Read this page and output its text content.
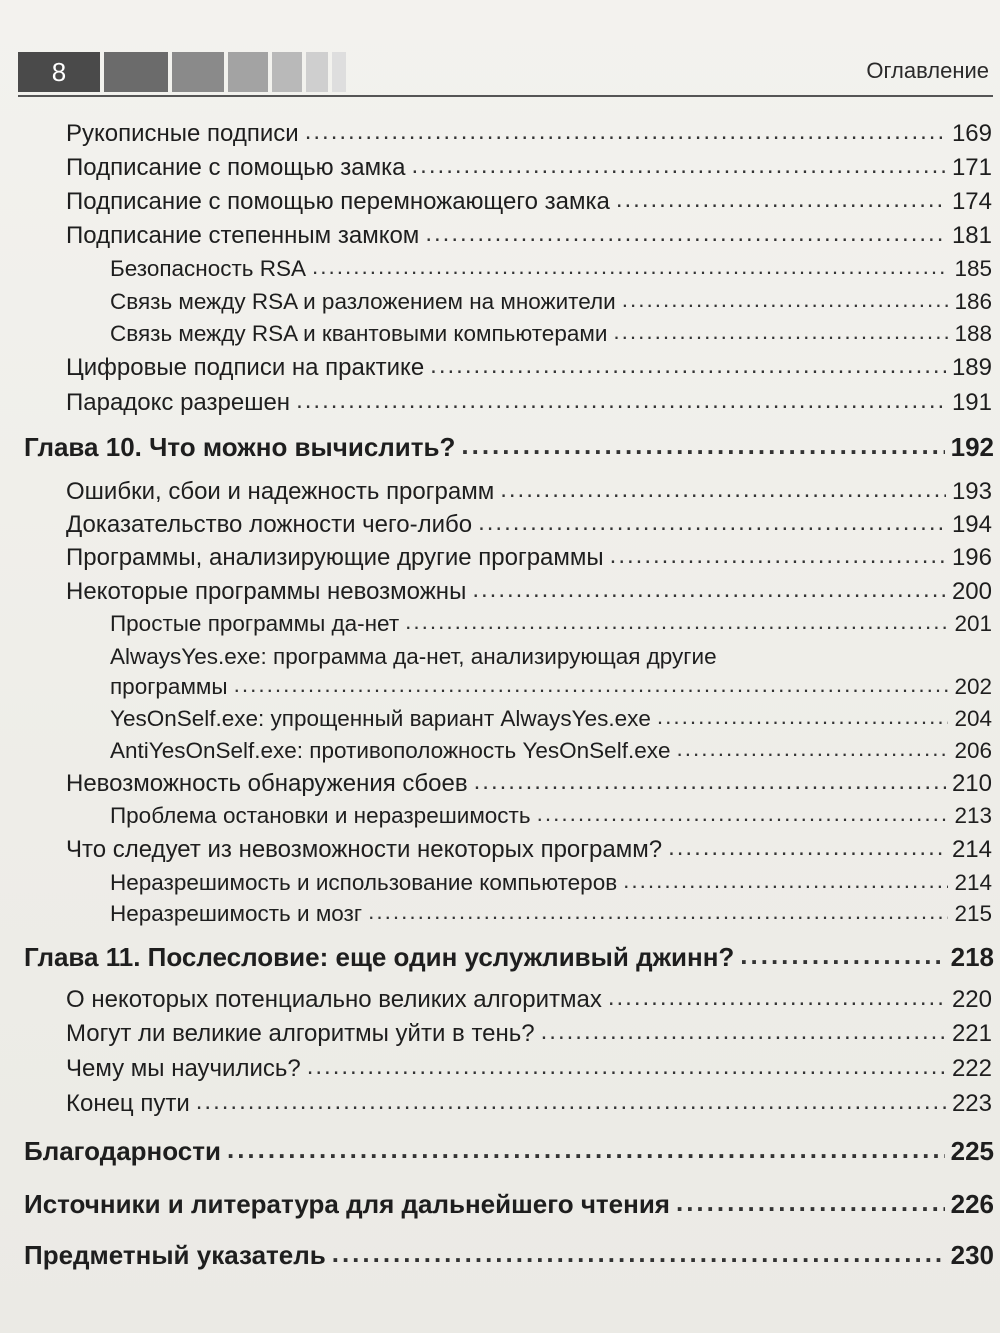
8	Оглавление
Рукописные подписи .....	169
Подписание с помощью замка .....	171
Подписание с помощью перемножающего замка .....	174
Подписание степенным замком .....	181
Безопасность RSA .....	185
Связь между RSA и разложением на множители .....	186
Связь между RSA и квантовыми компьютерами .....	188
Цифровые подписи на практике .....	189
Парадокс разрешен .....	191
Глава 10. Что можно вычислить? .....	192
Ошибки, сбои и надежность программ .....	193
Доказательство ложности чего-либо .....	194
Программы, анализирующие другие программы .....	196
Некоторые программы невозможны .....	200
Простые программы да-нет .....	201
AlwaysYes.exe: программа да-нет, анализирующая другие
программы .....	202
YesOnSelf.exe: упрощенный вариант AlwaysYes.exe .....	204
AntiYesOnSelf.exe: противоположность YesOnSelf.exe .....	206
Невозможность обнаружения сбоев .....	210
Проблема остановки и неразрешимость .....	213
Что следует из невозможности некоторых программ? .....	214
Неразрешимость и использование компьютеров .....	214
Неразрешимость и мозг .....	215
Глава 11. Послесловие: еще один услужливый джинн? .....	218
О некоторых потенциально великих алгоритмах .....	220
Могут ли великие алгоритмы уйти в тень? .....	221
Чему мы научились? .....	222
Конец пути .....	223
Благодарности .....	225
Источники и литература для дальнейшего чтения .....	226
Предметный указатель .....	230
